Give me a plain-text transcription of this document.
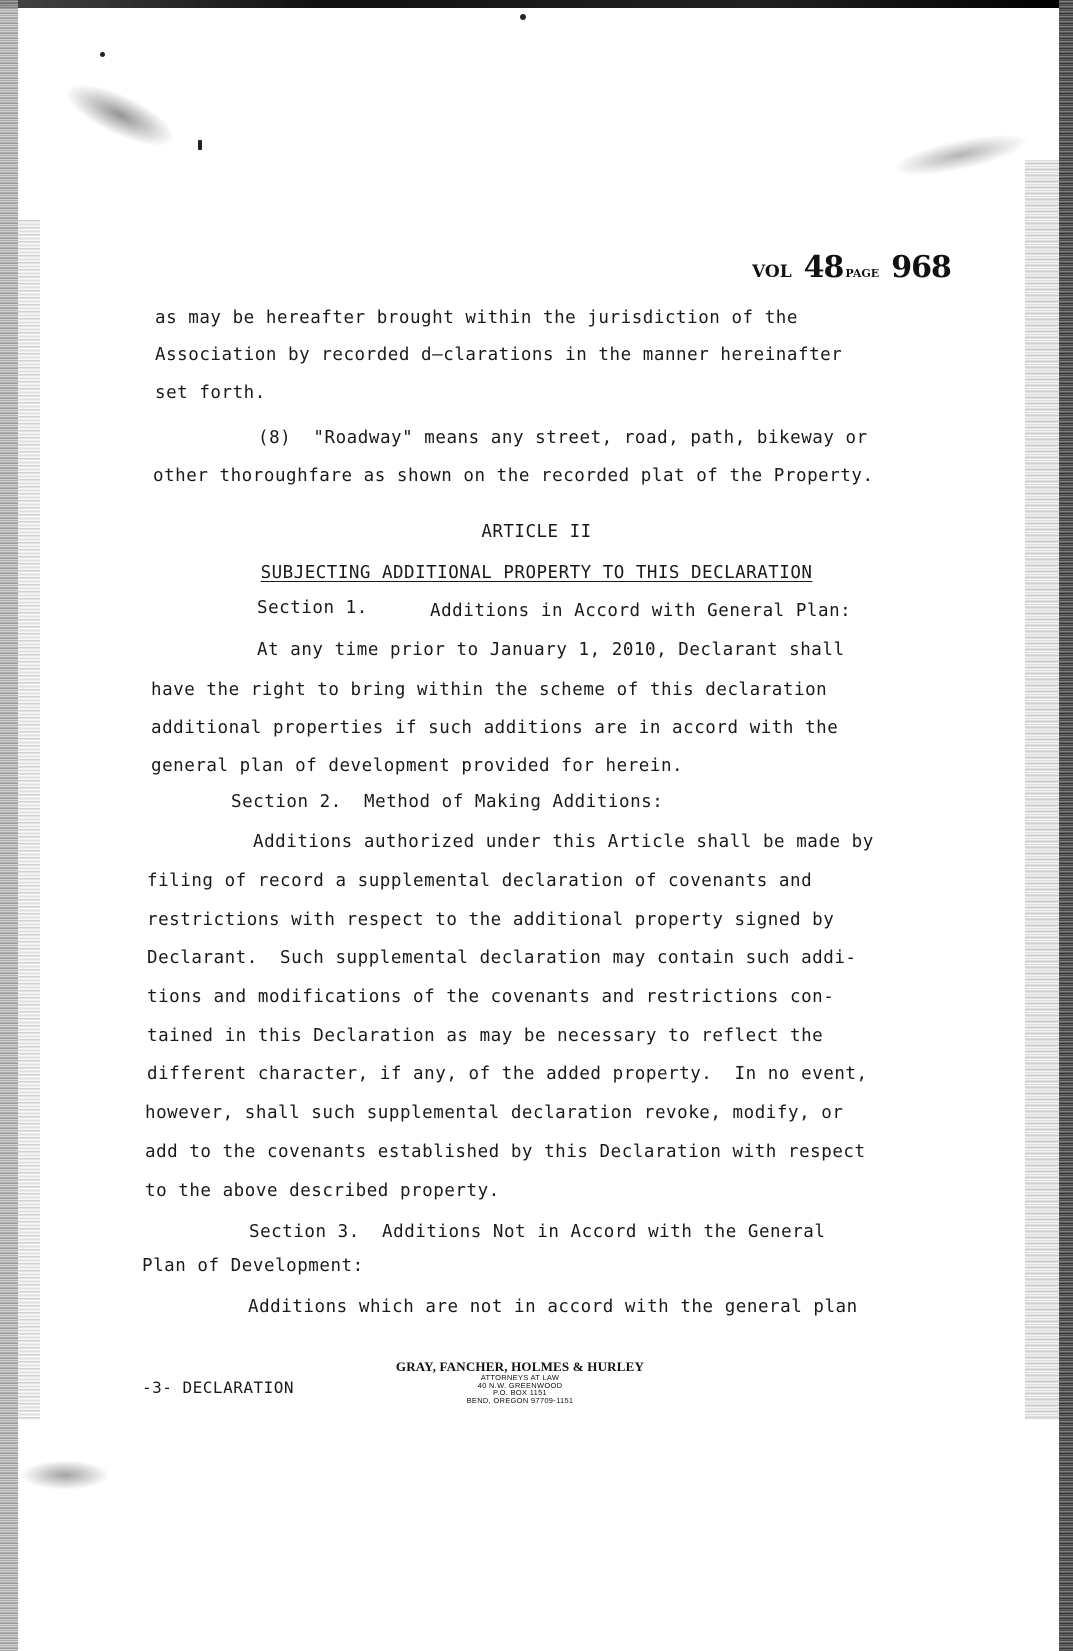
VOL 48 PAGE 968
as may be hereafter brought within the jurisdiction of the
Association by recorded d–clarations in the manner hereinafter
set forth.
(8)  "Roadway" means any street, road, path, bikeway or
other thoroughfare as shown on the recorded plat of the Property.
ARTICLE II
SUBJECTING ADDITIONAL PROPERTY TO THIS DECLARATION
Section 1.	Additions in Accord with General Plan:
At any time prior to January 1, 2010, Declarant shall
have the right to bring within the scheme of this declaration
additional properties if such additions are in accord with the
general plan of development provided for herein.
Section 2.  Method of Making Additions:
Additions authorized under this Article shall be made by
filing of record a supplemental declaration of covenants and
restrictions with respect to the additional property signed by
Declarant.  Such supplemental declaration may contain such addi-
tions and modifications of the covenants and restrictions con-
tained in this Declaration as may be necessary to reflect the
different character, if any, of the added property.  In no event,
however, shall such supplemental declaration revoke, modify, or
add to the covenants established by this Declaration with respect
to the above described property.
Section 3.  Additions Not in Accord with the General
Plan of Development:
Additions which are not in accord with the general plan
-3- DECLARATION
GRAY, FANCHER, HOLMES & HURLEY
ATTORNEYS AT LAW
40 N.W. GREENWOOD
P.O. BOX 1151
BEND, OREGON 97709-1151
